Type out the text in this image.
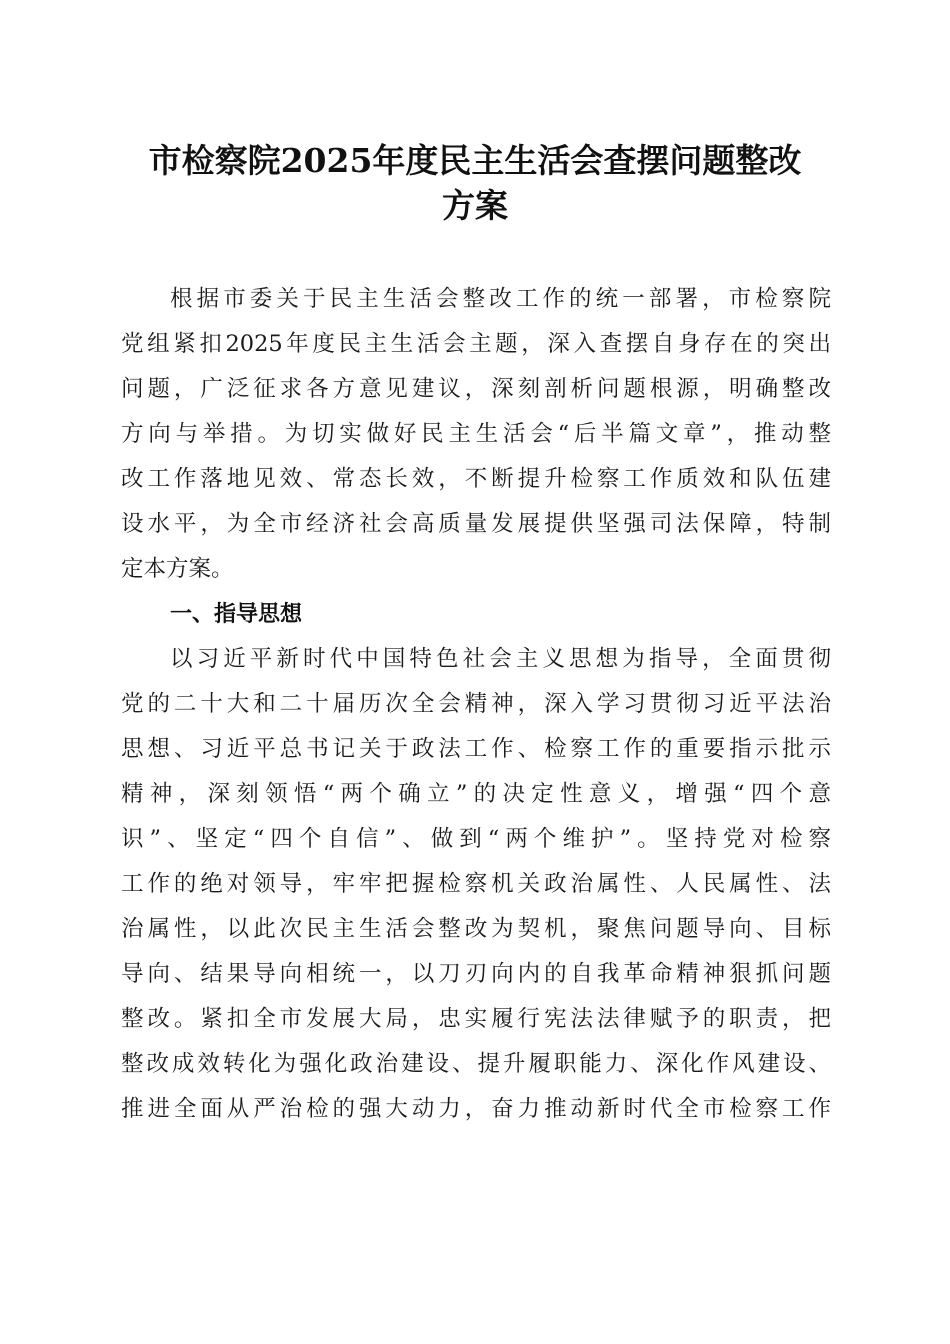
市检察院2025年度民主生活会查摆问题整改
方案
根据市委关于民主生活会整改工作的统一部署，市检察院
党组紧扣2025年度民主生活会主题，深入查摆自身存在的突出
问题，广泛征求各方意见建议，深刻剖析问题根源，明确整改
方向与举措。为切实做好民主生活会“后半篇文章”，推动整
改工作落地见效、常态长效，不断提升检察工作质效和队伍建
设水平，为全市经济社会高质量发展提供坚强司法保障，特制
定本方案。
一、指导思想
以习近平新时代中国特色社会主义思想为指导，全面贯彻
党的二十大和二十届历次全会精神，深入学习贯彻习近平法治
思想、习近平总书记关于政法工作、检察工作的重要指示批示
精神，深刻领悟“两个确立”的决定性意义，增强“四个意
识”、坚定“四个自信”、做到“两个维护”。坚持党对检察
工作的绝对领导，牢牢把握检察机关政治属性、人民属性、法
治属性，以此次民主生活会整改为契机，聚焦问题导向、目标
导向、结果导向相统一，以刀刃向内的自我革命精神狠抓问题
整改。紧扣全市发展大局，忠实履行宪法法律赋予的职责，把
整改成效转化为强化政治建设、提升履职能力、深化作风建设、
推进全面从严治检的强大动力，奋力推动新时代全市检察工作
